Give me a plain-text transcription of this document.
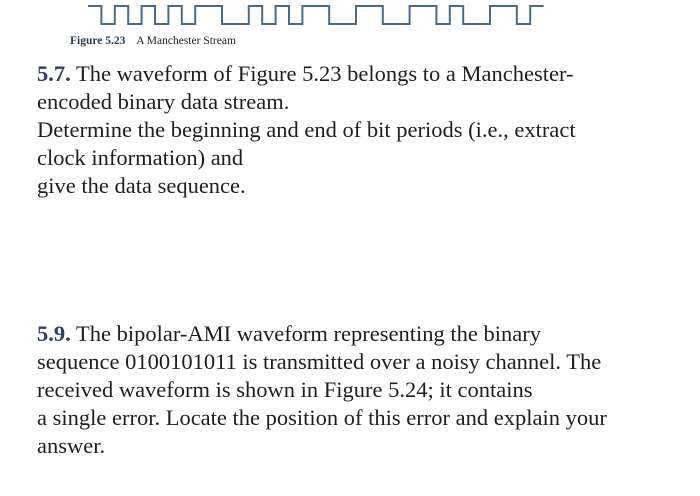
Figure 5.23 A Manchester Stream
5.7. The waveform of Figure 5.23 belongs to a Manchester-
encoded binary data stream.
Determine the beginning and end of bit periods (i.e., extract
clock information) and
give the data sequence.
5.9. The bipolar-AMI waveform representing the binary
sequence 0100101011 is transmitted over a noisy channel. The
received waveform is shown in Figure 5.24; it contains
a single error. Locate the position of this error and explain your
answer.
